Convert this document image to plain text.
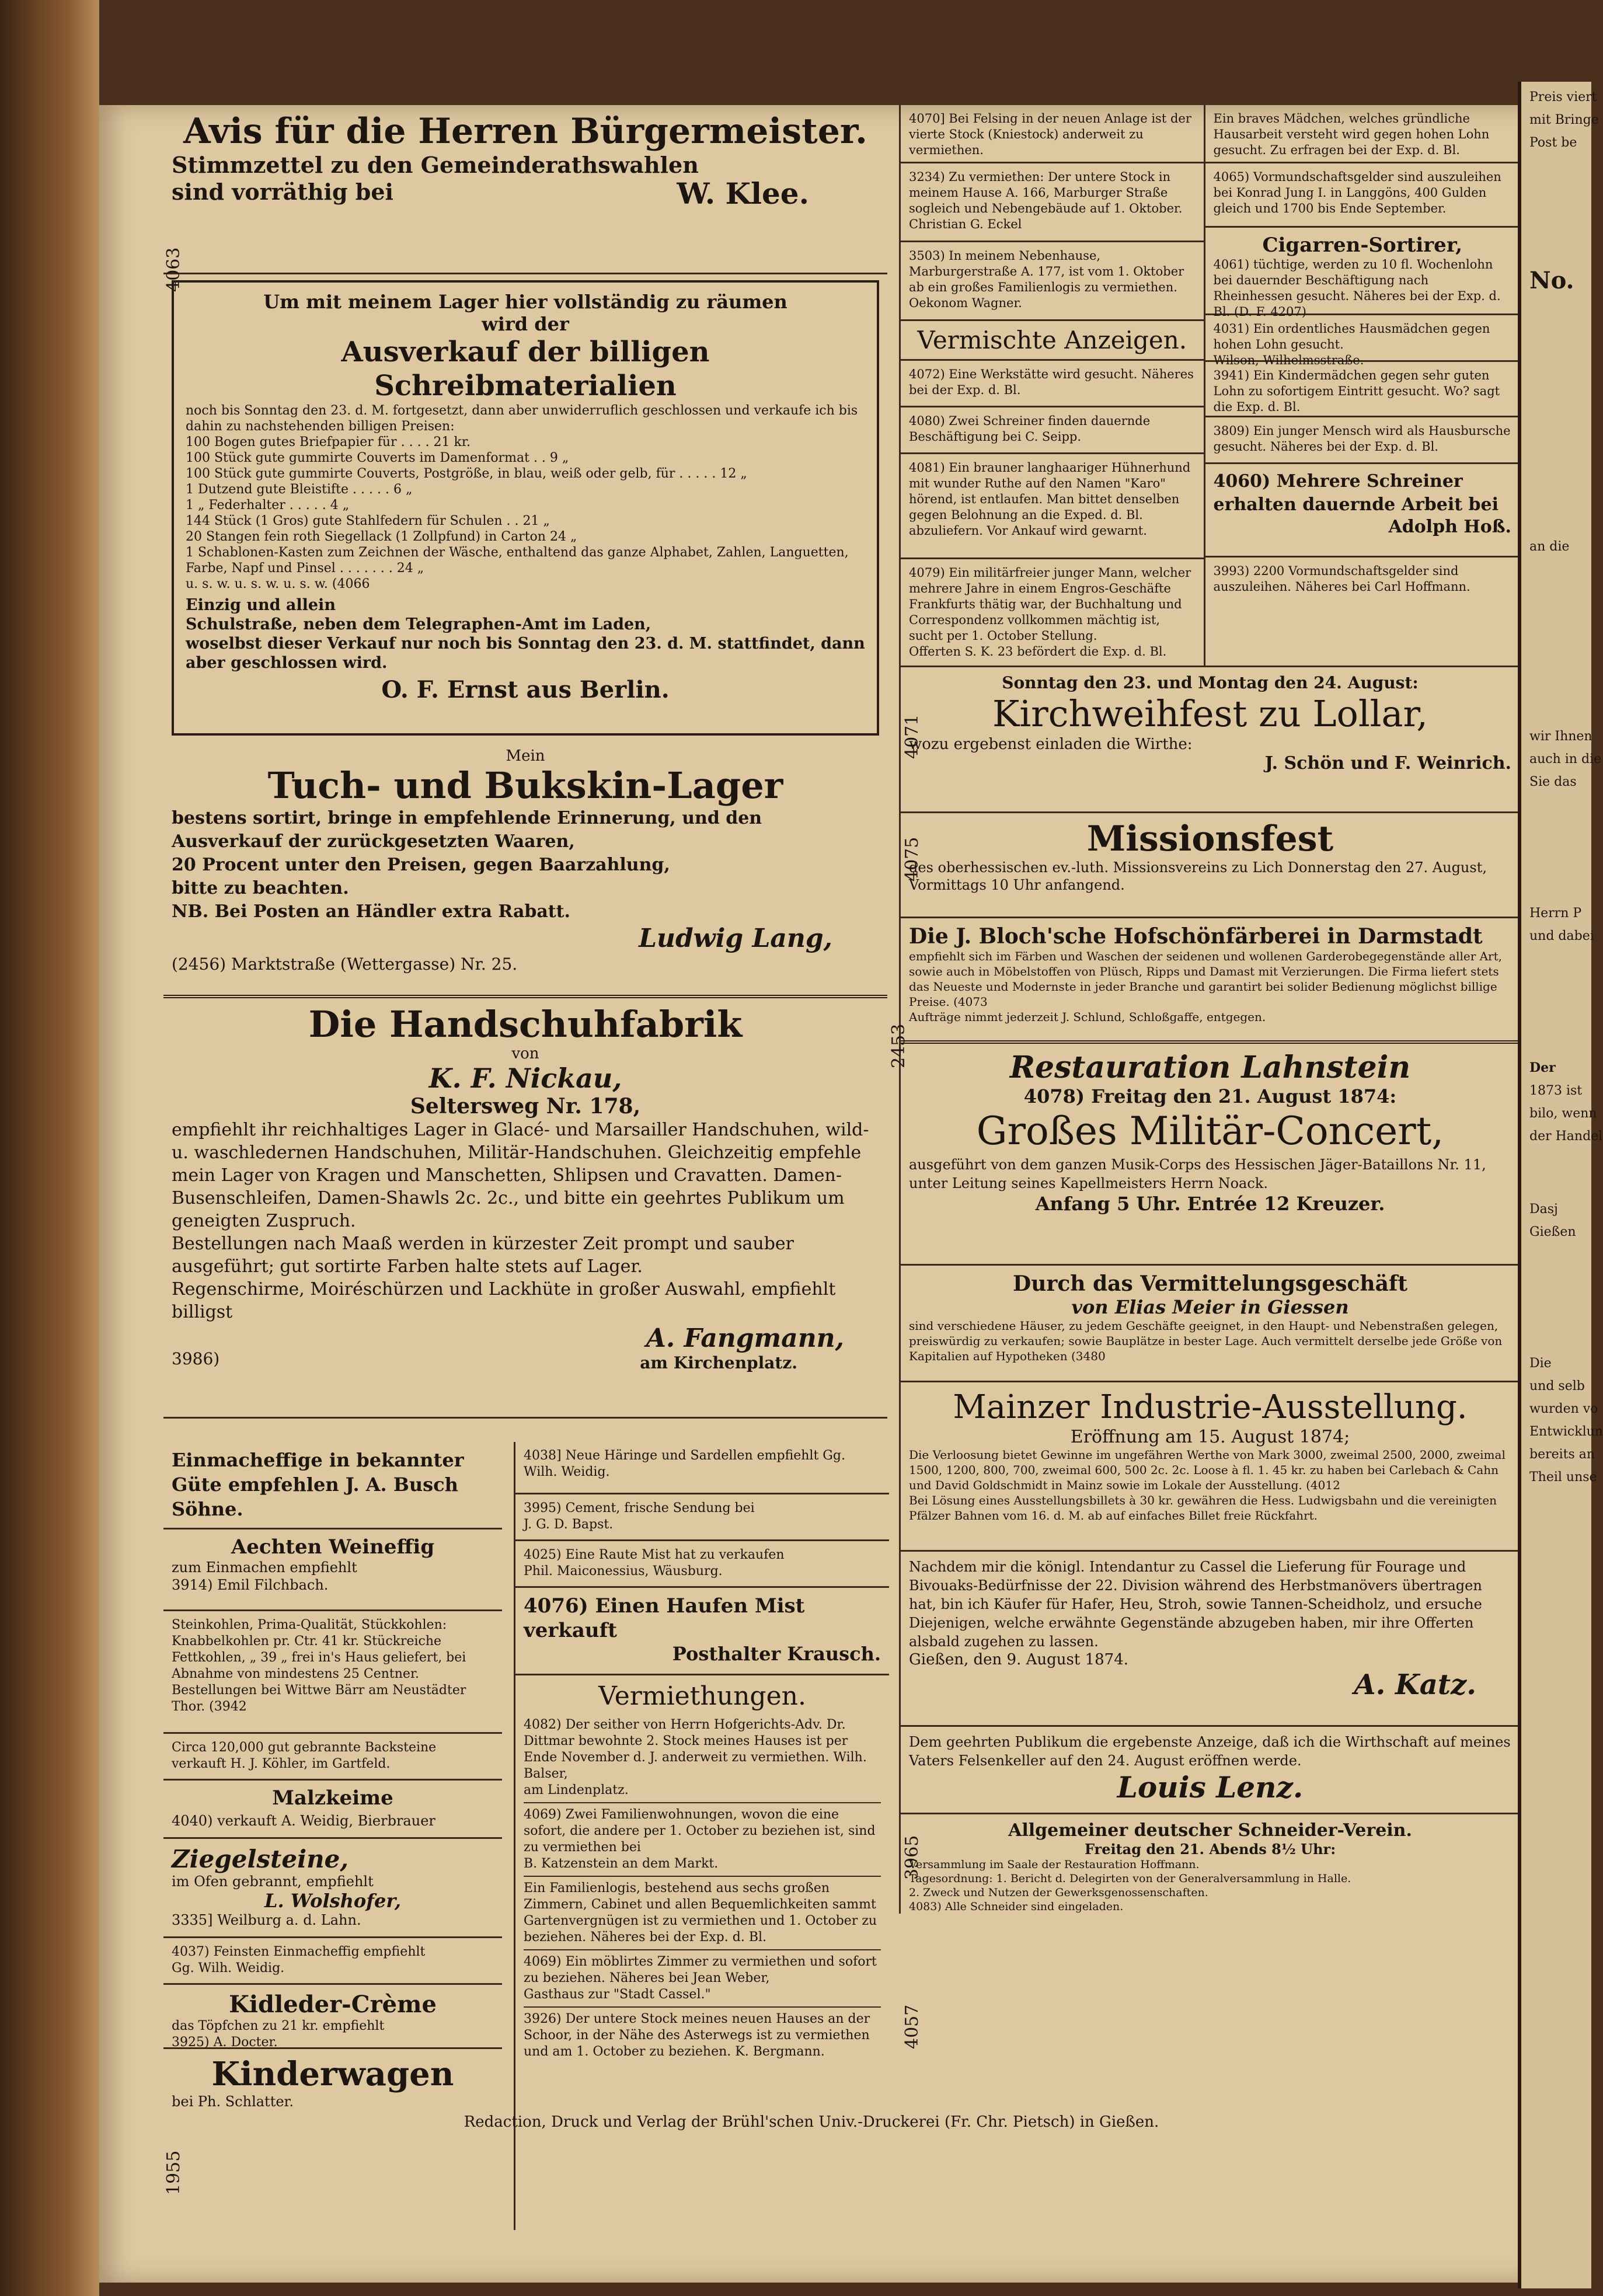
Avis für die Herren Bürgermeister.
Stimmzettel zu den Gemeinderathswahlen
sind vorräthig bei	W. Klee.
Um mit meinem Lager hier vollständig zu räumen
wird der
Ausverkauf der billigen Schreibmaterialien
noch bis Sonntag den 23. d. M. fortgesetzt, dann aber unwiderruflich geschlossen und verkaufe ich bis dahin zu nachstehenden billigen Preisen:
100 Bogen gutes Briefpapier für . . . . 21 kr.
100 Stück gute gummirte Couverts im Damenformat . . 9 „
100 Stück gute gummirte Couverts, Postgröße, in blau, weiß oder gelb, für . . . . . 12 „
1 Dutzend gute Bleistifte . . . . . 6 „
1 „ Federhalter . . . . . 4 „
144 Stück (1 Gros) gute Stahlfedern für Schulen . . 21 „
20 Stangen fein roth Siegellack (1 Zollpfund) in Carton 24 „
1 Schablonen-Kasten zum Zeichnen der Wäsche, enthaltend das ganze Alphabet, Zahlen, Languetten, Farbe, Napf und Pinsel . . . . . . . 24 „
u. s. w. u. s. w. u. s. w. (4066
Einzig und allein
Schulstraße, neben dem Telegraphen-Amt im Laden,
woselbst dieser Verkauf nur noch bis Sonntag den 23. d. M. stattfindet, dann aber geschlossen wird.
O. F. Ernst aus Berlin.
Mein
Tuch- und Bukskin-Lager
bestens sortirt, bringe in empfehlende Erinnerung, und den
Ausverkauf der zurückgesetzten Waaren,
20 Procent unter den Preisen, gegen Baarzahlung,
bitte zu beachten.
NB. Bei Posten an Händler extra Rabatt.
Ludwig Lang,
(2456) Marktstraße (Wettergasse) Nr. 25.
Die Handschuhfabrik
von
K. F. Nickau,
Seltersweg Nr. 178,
empfiehlt ihr reichhaltiges Lager in Glacé- und Marsailler Handschuhen, wild- u. waschledernen Handschuhen, Militär-Handschuhen. Gleichzeitig empfehle mein Lager von Kragen und Manschetten, Shlipsen und Cravatten. Damen-Busenschleifen, Damen-Shawls 2c. 2c., und bitte ein geehrtes Publikum um geneigten Zuspruch.
Bestellungen nach Maaß werden in kürzester Zeit prompt und sauber ausgeführt; gut sortirte Farben halte stets auf Lager.
Regenschirme, Moiréschürzen und Lackhüte in großer Auswahl, empfiehlt billigst
A. Fangmann,
am Kirchenplatz.
3986)
Einmacheffige in bekannter Güte empfehlen J. A. Busch Söhne.
Aechten Weineffig
zum Einmachen empfiehlt
3914) Emil Filchbach.
Steinkohlen, Prima-Qualität, Stückkohlen: Knabbelkohlen pr. Ctr. 41 kr. Stückreiche Fettkohlen, „ 39 „ frei in's Haus geliefert, bei Abnahme von mindestens 25 Centner. Bestellungen bei Wittwe Bärr am Neustädter Thor. (3942
Circa 120,000 gut gebrannte Backsteine verkauft H. J. Köhler, im Gartfeld.
Malzkeime
4040) verkauft A. Weidig, Bierbrauer
Ziegelsteine,
im Ofen gebrannt, empfiehlt
L. Wolshofer,
3335] Weilburg a. d. Lahn.
4037) Feinsten Einmacheffig empfiehlt
Gg. Wilh. Weidig.
Kidleder-Crème
das Töpfchen zu 21 kr. empfiehlt
3925) A. Docter.
Kinderwagen
bei Ph. Schlatter.
4038] Neue Häringe und Sardellen empfiehlt Gg. Wilh. Weidig.
3995) Cement, frische Sendung bei
J. G. D. Bapst.
4025) Eine Raute Mist hat zu verkaufen
Phil. Maiconessius, Wäusburg.
4076) Einen Haufen Mist verkauft
Posthalter Krausch.
Vermiethungen.
4082) Der seither von Herrn Hofgerichts-Adv. Dr. Dittmar bewohnte 2. Stock meines Hauses ist per Ende November d. J. anderweit zu vermiethen. Wilh. Balser,
am Lindenplatz.
4069) Zwei Familienwohnungen, wovon die eine sofort, die andere per 1. October zu beziehen ist, sind zu vermiethen bei
B. Katzenstein an dem Markt.
Ein Familienlogis, bestehend aus sechs großen Zimmern, Cabinet und allen Bequemlichkeiten sammt Gartenvergnügen ist zu vermiethen und 1. October zu beziehen. Näheres bei der Exp. d. Bl.
4069) Ein möblirtes Zimmer zu vermiethen und sofort zu beziehen. Näheres bei Jean Weber,
Gasthaus zur "Stadt Cassel."
3926) Der untere Stock meines neuen Hauses an der Schoor, in der Nähe des Asterwegs ist zu vermiethen und am 1. October zu beziehen. K. Bergmann.
4070] Bei Felsing in der neuen Anlage ist der vierte Stock (Kniestock) anderweit zu vermiethen.
3234) Zu vermiethen: Der untere Stock in meinem Hause A. 166, Marburger Straße sogleich und Nebengebäude auf 1. Oktober.
Christian G. Eckel
3503) In meinem Nebenhause, Marburgerstraße A. 177, ist vom 1. Oktober ab ein großes Familienlogis zu vermiethen.
Oekonom Wagner.
Vermischte Anzeigen.
4072) Eine Werkstätte wird gesucht. Näheres bei der Exp. d. Bl.
4080) Zwei Schreiner finden dauernde Beschäftigung bei C. Seipp.
4081) Ein brauner langhaariger Hühnerhund mit wunder Ruthe auf den Namen "Karo" hörend, ist entlaufen. Man bittet denselben gegen Belohnung an die Exped. d. Bl. abzuliefern. Vor Ankauf wird gewarnt.
4079) Ein militärfreier junger Mann, welcher mehrere Jahre in einem Engros-Geschäfte Frankfurts thätig war, der Buchhaltung und Correspondenz vollkommen mächtig ist, sucht per 1. October Stellung.
Offerten S. K. 23 befördert die Exp. d. Bl.
Ein braves Mädchen, welches gründliche Hausarbeit versteht wird gegen hohen Lohn gesucht. Zu erfragen bei der Exp. d. Bl.
4065) Vormundschaftsgelder sind auszuleihen bei Konrad Jung I. in Langgöns, 400 Gulden gleich und 1700 bis Ende September.
Cigarren-Sortirer,
4061) tüchtige, werden zu 10 fl. Wochenlohn bei dauernder Beschäftigung nach Rheinhessen gesucht. Näheres bei der Exp. d. Bl. (D. F. 4207)
4031) Ein ordentliches Hausmädchen gegen hohen Lohn gesucht.
Wilson, Wilhelmsstraße.
3941) Ein Kindermädchen gegen sehr guten Lohn zu sofortigem Eintritt gesucht. Wo? sagt die Exp. d. Bl.
3809) Ein junger Mensch wird als Hausbursche gesucht. Näheres bei der Exp. d. Bl.
4060) Mehrere Schreiner erhalten dauernde Arbeit bei
Adolph Hoß.
3993) 2200 Vormundschaftsgelder sind auszuleihen. Näheres bei Carl Hoffmann.
Sonntag den 23. und Montag den 24. August:
Kirchweihfest zu Lollar,
wozu ergebenst einladen die Wirthe:
J. Schön und F. Weinrich.
Missionsfest
des oberhessischen ev.-luth. Missionsvereins zu Lich Donnerstag den 27. August, Vormittags 10 Uhr anfangend.
Die J. Bloch'sche Hofschönfärberei in Darmstadt
empfiehlt sich im Färben und Waschen der seidenen und wollenen Garderobegegenstände aller Art, sowie auch in Möbelstoffen von Plüsch, Ripps und Damast mit Verzierungen. Die Firma liefert stets das Neueste und Modernste in jeder Branche und garantirt bei solider Bedienung möglichst billige Preise. (4073
Aufträge nimmt jederzeit J. Schlund, Schloßgaffe, entgegen.
Restauration Lahnstein
4078) Freitag den 21. August 1874:
Großes Militär-Concert,
ausgeführt von dem ganzen Musik-Corps des Hessischen Jäger-Bataillons Nr. 11, unter Leitung seines Kapellmeisters Herrn Noack.
Anfang 5 Uhr. Entrée 12 Kreuzer.
Durch das Vermittelungsgeschäft
von Elias Meier in Giessen
sind verschiedene Häuser, zu jedem Geschäfte geeignet, in den Haupt- und Nebenstraßen gelegen, preiswürdig zu verkaufen; sowie Bauplätze in bester Lage. Auch vermittelt derselbe jede Größe von Kapitalien auf Hypotheken (3480
Mainzer Industrie-Ausstellung.
Eröffnung am 15. August 1874;
Die Verloosung bietet Gewinne im ungefähren Werthe von Mark 3000, zweimal 2500, 2000, zweimal 1500, 1200, 800, 700, zweimal 600, 500 2c. 2c. Loose à fl. 1. 45 kr. zu haben bei Carlebach & Cahn und David Goldschmidt in Mainz sowie im Lokale der Ausstellung. (4012
Bei Lösung eines Ausstellungsbillets à 30 kr. gewähren die Hess. Ludwigsbahn und die vereinigten Pfälzer Bahnen vom 16. d. M. ab auf einfaches Billet freie Rückfahrt.
Nachdem mir die königl. Intendantur zu Cassel die Lieferung für Fourage und Bivouaks-Bedürfnisse der 22. Division während des Herbstmanövers übertragen hat, bin ich Käufer für Hafer, Heu, Stroh, sowie Tannen-Scheidholz, und ersuche Diejenigen, welche erwähnte Gegenstände abzugeben haben, mir ihre Offerten alsbald zugehen zu lassen.
Gießen, den 9. August 1874.
A. Katz.
Dem geehrten Publikum die ergebenste Anzeige, daß ich die Wirthschaft auf meines Vaters Felsenkeller auf den 24. August eröffnen werde.
Louis Lenz.
Allgemeiner deutscher Schneider-Verein.
Freitag den 21. Abends 8½ Uhr:
Versammlung im Saale der Restauration Hoffmann.
Tagesordnung: 1. Bericht d. Delegirten von der Generalversammlung in Halle.
2. Zweck und Nutzen der Gewerksgenossenschaften.
4083) Alle Schneider sind eingeladen.
4063
2453
1955
4071
4075
3965
4057
Redaction, Druck und Verlag der Brühl'schen Univ.-Druckerei (Fr. Chr. Pietsch) in Gießen.
Preis viert
mit Bringe
Post be
No.
an die
wir Ihnen
auch in die
Sie das
Herrn P
und dabei
Der
1873 ist
bilo, wenn
der Handel
Dasj
Gießen
Die
und selb
wurden vo
Entwicklun
bereits an
Theil unse
